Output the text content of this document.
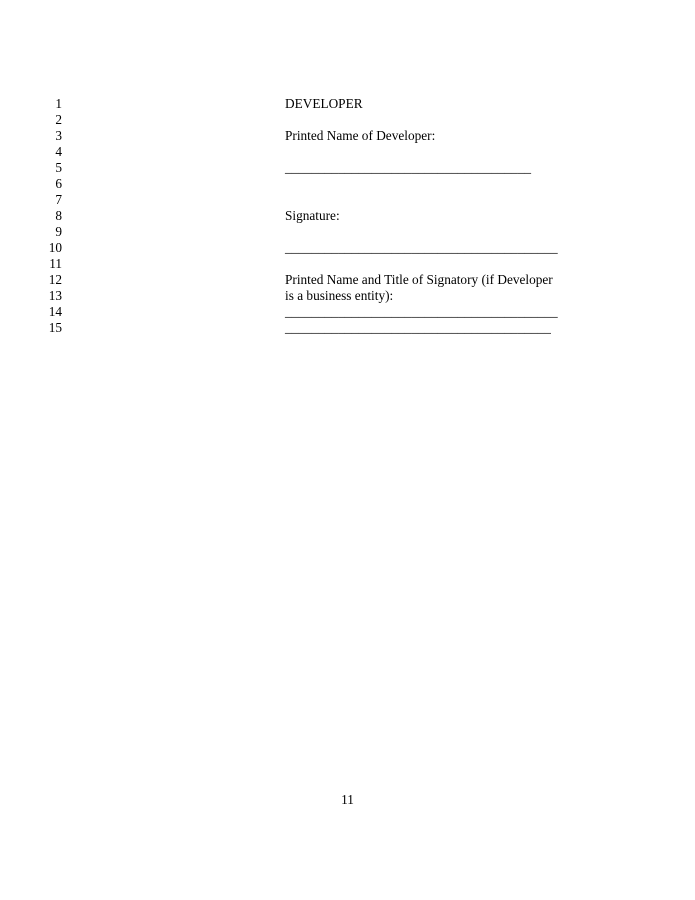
1
2
3
4
5
6
7
8
9
10
11
12
13
14
15
DEVELOPER
Printed Name of Developer:
_____________________________________
Signature:
_________________________________________
Printed Name and Title of Signatory (if Developer
is a business entity):
_________________________________________
________________________________________
11
